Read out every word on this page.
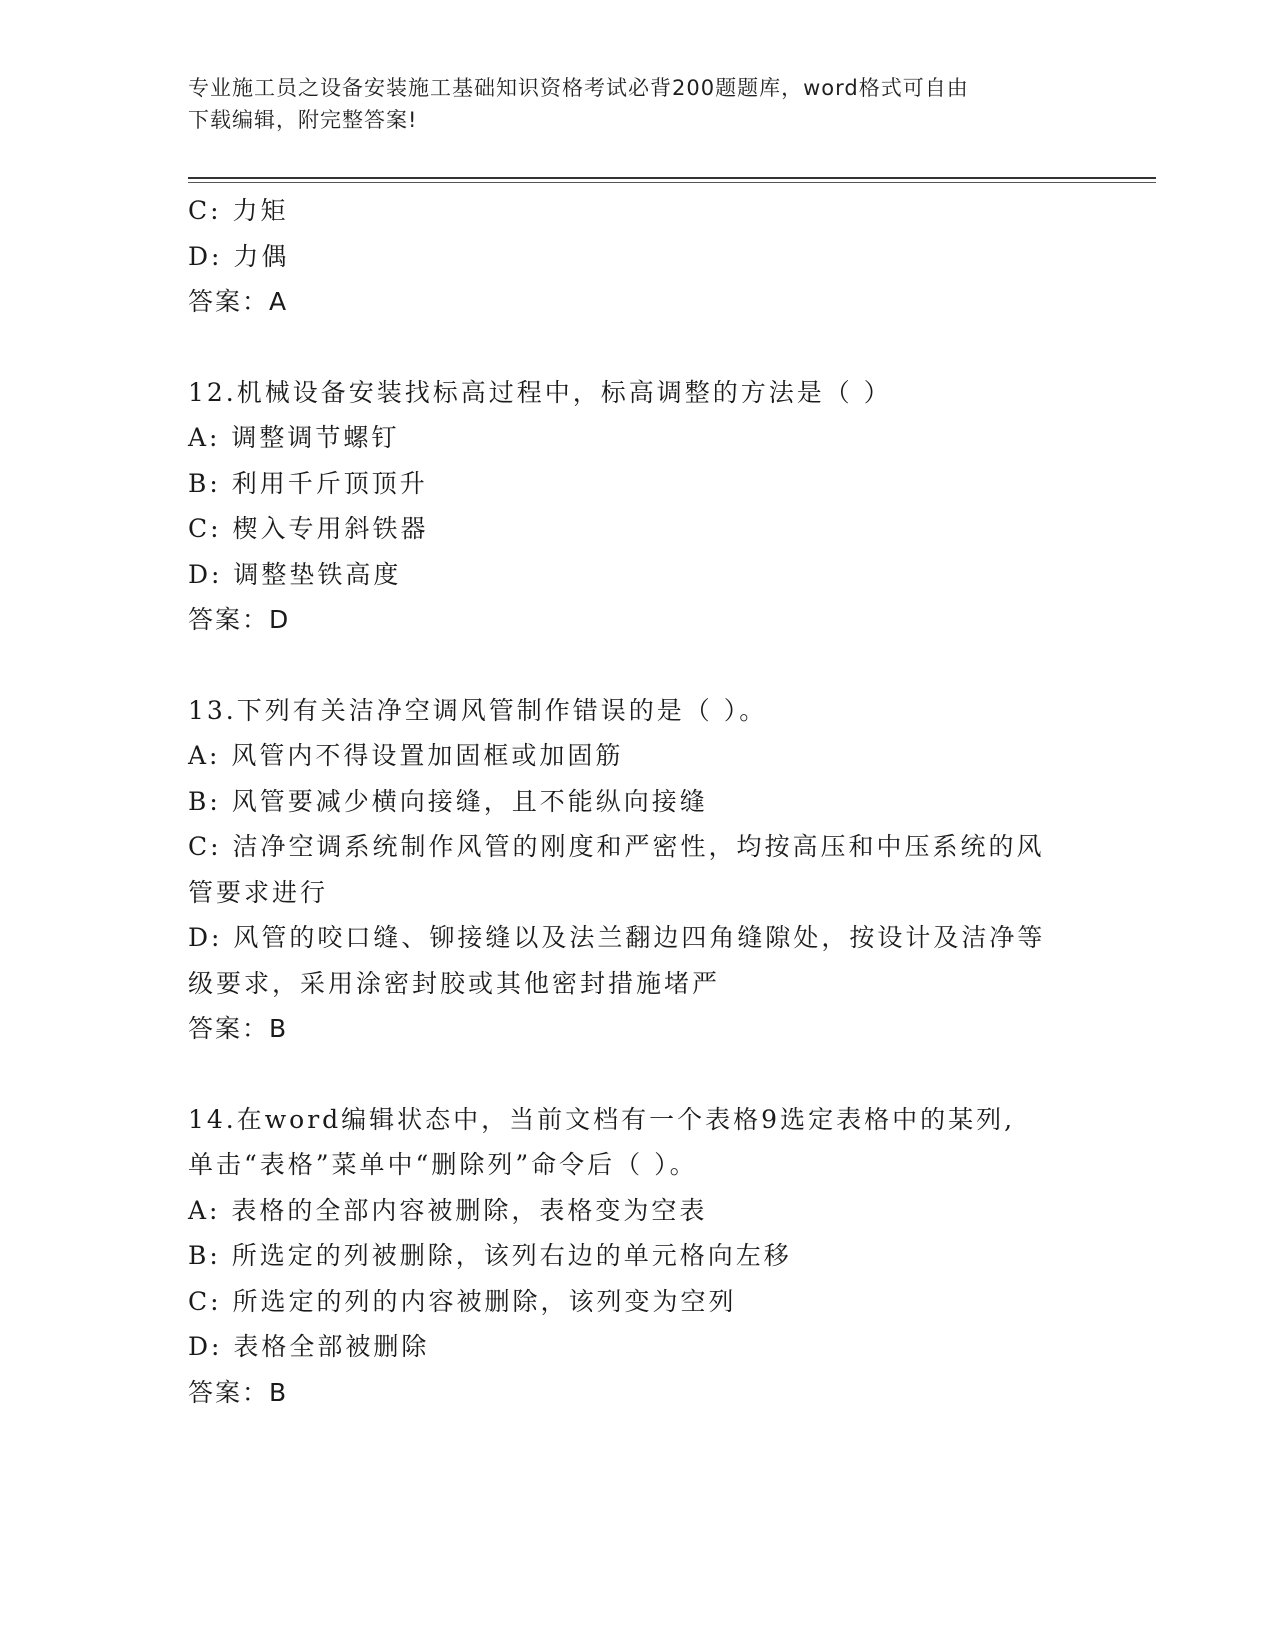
专业施工员之设备安装施工基础知识资格考试必背200题题库，word格式可自由
下载编辑，附完整答案!
C: 力矩
D: 力偶
答案：A
12.机械设备安装找标高过程中，标高调整的方法是（ ）
A: 调整调节螺钉
B: 利用千斤顶顶升
C: 楔入专用斜铁器
D: 调整垫铁高度
答案：D
13.下列有关洁净空调风管制作错误的是（ ）。
A: 风管内不得设置加固框或加固筋
B: 风管要减少横向接缝，且不能纵向接缝
C: 洁净空调系统制作风管的刚度和严密性，均按高压和中压系统的风
管要求进行
D: 风管的咬口缝、铆接缝以及法兰翻边四角缝隙处，按设计及洁净等
级要求，采用涂密封胶或其他密封措施堵严
答案：B
14.在word编辑状态中，当前文档有一个表格9选定表格中的某列,
单击“表格”菜单中“删除列”命令后（ ）。
A: 表格的全部内容被删除，表格变为空表
B: 所选定的列被删除，该列右边的单元格向左移
C: 所选定的列的内容被删除，该列变为空列
D: 表格全部被删除
答案：B
